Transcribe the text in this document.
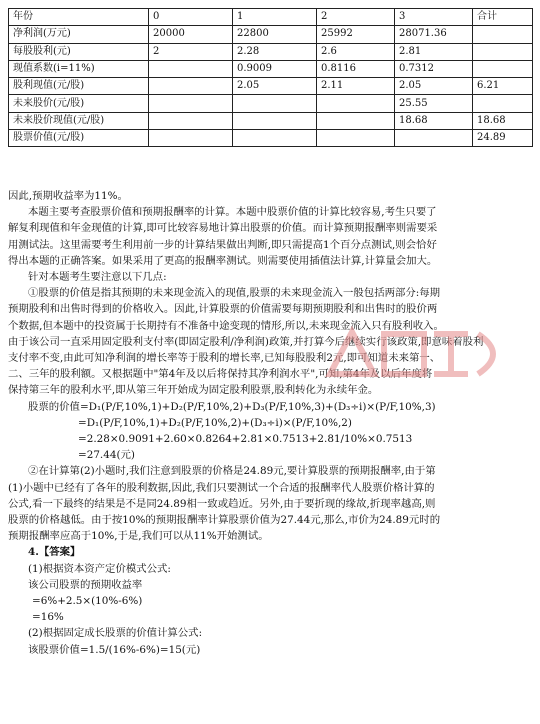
年份	0	1	2	3	合计
净利润(万元)	20000	22800	25992	28071.36	
每股股利(元)	2	2.28	2.6	2.81	
现值系数(i=11%)		0.9009	0.8116	0.7312	
股利现值(元/股)		2.05	2.11	2.05	6.21
未来股价(元/股)				25.55	
未来股价现值(元/股)				18.68	18.68
股票价值(元/股)					24.89

因此,预期收益率为11%。

本题主要考查股票价值和预期报酬率的计算。本题中股票价值的计算比较容易,考生只要了

解复利现值和年金现值的计算,即可比较容易地计算出股票的价值。而计算预期报酬率则需要采

用测试法。这里需要考生利用前一步的计算结果做出判断,即只需提高1个百分点测试,则会恰好

得出本题的正确答案。如果采用了更高的报酬率测试。则需要使用插值法计算,计算量会加大。

针对本题考生要注意以下几点:

①股票的价值是指其预期的未来现金流入的现值,股票的未来现金流入一般包括两部分:每期

预期股利和出售时得到的价格收入。因此,计算股票的价值需要每期预期股利和出售时的股价两

个数据,但本题中的投资属于长期持有不准备中途变现的情形,所以,未来现金流入只有股利收入。

由于该公司一直采用固定股利支付率(即固定股利/净利润)政策,并打算今后继续实行该政策,即意味着股利

支付率不变,由此可知净利润的增长率等于股利的增长率,已知每股股利2元,即可知道未来第一、

二、三年的股利额。又根据题中"第4年及以后将保持其净利润水平",可知,第4年及以后年度将

保持第三年的股利水平,即从第三年开始成为固定股利股票,股利转化为永续年金。

股票的价值=D₁(P/F,10%,1)+D₂(P/F,10%,2)+D₃(P/F,10%,3)+(D₃÷i)×(P/F,10%,3)

=D₁(P/F,10%,1)+D₂(P/F,10%,2)+(D₃÷i)×(P/F,10%,2)

=2.28×0.9091+2.60×0.8264+2.81×0.7513+2.81/10%×0.7513

=27.44(元)

②在计算第(2)小题时,我们注意到股票的价格是24.89元,要计算股票的预期报酬率,由于第

(1)小题中已经有了各年的股利数据,因此,我们只要测试一个合适的报酬率代人股票价格计算的

公式,看一下最终的结果是不是同24.89相一致或趋近。另外,由于要折现的缘故,折现率越高,则

股票的价格越低。由于按10%的预期报酬率计算股票价值为27.44元,那么,市价为24.89元时的

预期报酬率应高于10%,于是,我们可以从11%开始测试。

4.【答案】

(1)根据资本资产定价模式公式:

该公司股票的预期收益率

=6%+2.5×(10%-6%)

=16%

(2)根据固定成长股票的价值计算公式:

该股票价值=1.5/(16%-6%)=15(元)
